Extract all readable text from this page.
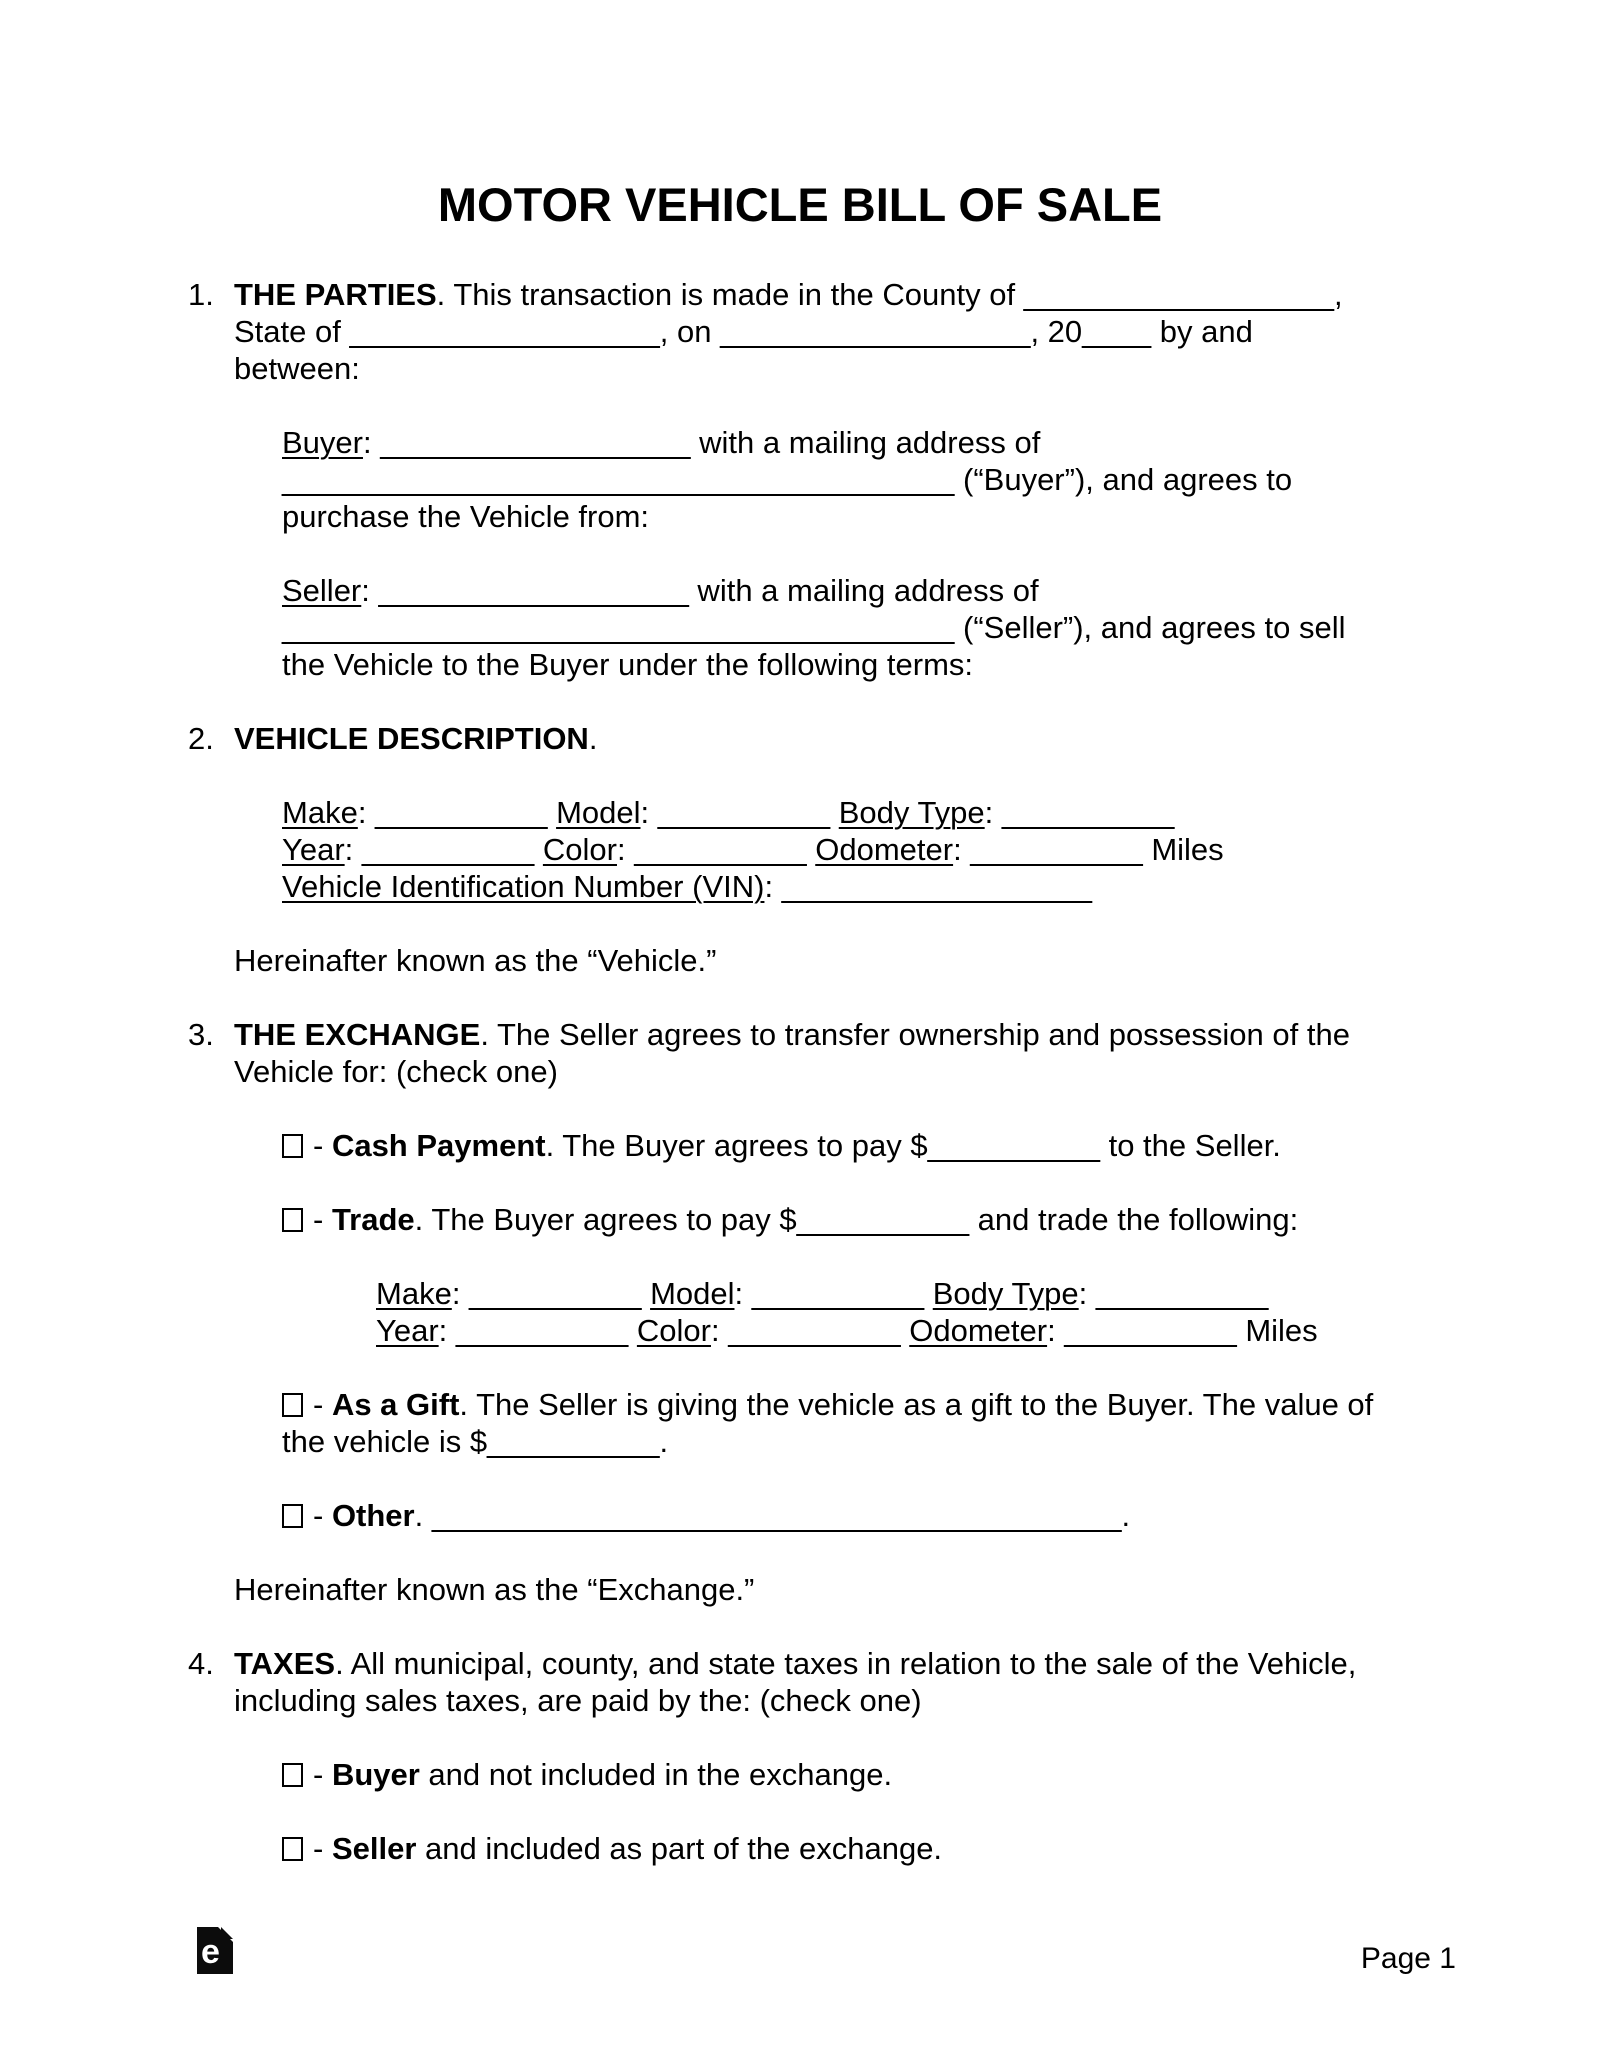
MOTOR VEHICLE BILL OF SALE
1. THE PARTIES. This transaction is made in the County of __________________,
State of __________________, on __________________, 20____ by and
between:
Buyer: __________________ with a mailing address of
_______________________________________ (“Buyer”), and agrees to
purchase the Vehicle from:
Seller: __________________ with a mailing address of
_______________________________________ (“Seller”), and agrees to sell
the Vehicle to the Buyer under the following terms:
2. VEHICLE DESCRIPTION.
Make: __________ Model: __________ Body Type: __________
Year: __________ Color: __________ Odometer: __________ Miles
Vehicle Identification Number (VIN): __________________
Hereinafter known as the “Vehicle.”
3. THE EXCHANGE. The Seller agrees to transfer ownership and possession of the
Vehicle for: (check one)
- Cash Payment. The Buyer agrees to pay $__________ to the Seller.
- Trade. The Buyer agrees to pay $__________ and trade the following:
Make: __________ Model: __________ Body Type: __________
Year: __________ Color: __________ Odometer: __________ Miles
- As a Gift. The Seller is giving the vehicle as a gift to the Buyer. The value of
the vehicle is $__________.
- Other. ________________________________________.
Hereinafter known as the “Exchange.”
4. TAXES. All municipal, county, and state taxes in relation to the sale of the Vehicle,
including sales taxes, are paid by the: (check one)
- Buyer and not included in the exchange.
- Seller and included as part of the exchange.
e	Page 1
